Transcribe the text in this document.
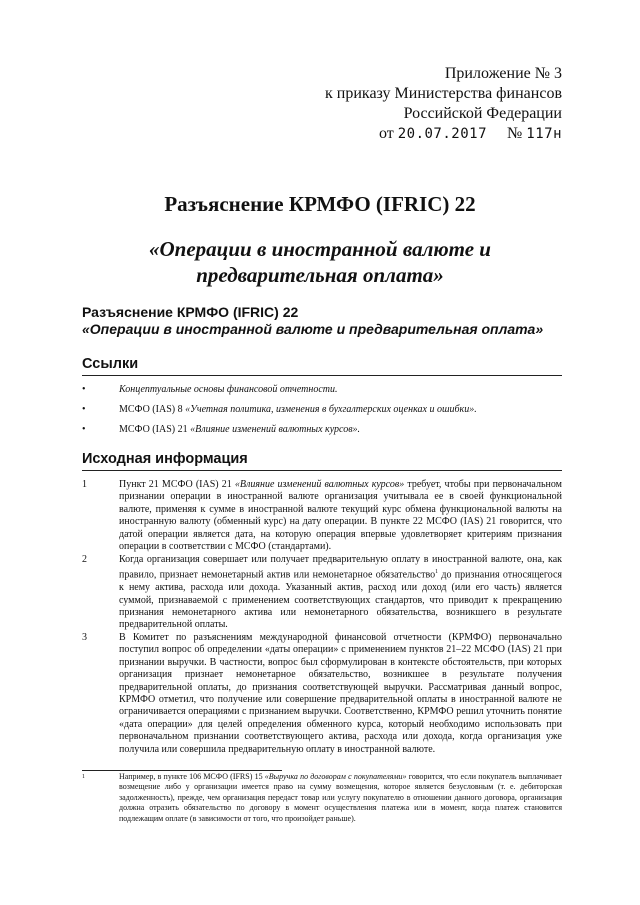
Приложение № 3
к приказу Министерства финансов
Российской Федерации
от 20.07.2017 № 117н
Разъяснение КРМФО (IFRIC) 22
«Операции в иностранной валюте и предварительная оплата»
Разъяснение КРМФО (IFRIC) 22
«Операции в иностранной валюте и предварительная оплата»
Ссылки
•	Концептуальные основы финансовой отчетности.
•	МСФО (IAS) 8 «Учетная политика, изменения в бухгалтерских оценках и ошибки».
•	МСФО (IAS) 21 «Влияние изменений валютных курсов».
Исходная информация
1	Пункт 21 МСФО (IAS) 21 «Влияние изменений валютных курсов» требует, чтобы при первоначальном признании операции в иностранной валюте организация учитывала ее в своей функциональной валюте, применяя к сумме в иностранной валюте текущий курс обмена функциональной валюты на иностранную валюту (обменный курс) на дату операции. В пункте 22 МСФО (IAS) 21 говорится, что датой операции является дата, на которую операция впервые удовлетворяет критериям признания операции в соответствии с МСФО (стандартами).
2	Когда организация совершает или получает предварительную оплату в иностранной валюте, она, как правило, признает немонетарный актив или немонетарное обязательство$^1$ до признания относящегося к нему актива, расхода или дохода. Указанный актив, расход или доход (или его часть) является суммой, признаваемой с применением соответствующих стандартов, что приводит к прекращению признания немонетарного актива или немонетарного обязательства, возникшего в результате предварительной оплаты.
3	В Комитет по разъяснениям международной финансовой отчетности (КРМФО) первоначально поступил вопрос об определении «даты операции» с применением пунктов 21–22 МСФО (IAS) 21 при признании выручки. В частности, вопрос был сформулирован в контексте обстоятельств, при которых организация признает немонетарное обязательство, возникшее в результате получения предварительной оплаты, до признания соответствующей выручки. Рассматривая данный вопрос, КРМФО отметил, что получение или совершение предварительной оплаты в иностранной валюте не ограничивается операциями с признанием выручки. Соответственно, КРМФО решил уточнить понятие «дата операции» для целей определения обменного курса, который необходимо использовать при первоначальном признании соответствующего актива, расхода или дохода, когда организация уже получила или совершила предварительную оплату в иностранной валюте.
1	Например, в пункте 106 МСФО (IFRS) 15 «Выручка по договорам с покупателями» говорится, что если покупатель выплачивает возмещение либо у организации имеется право на сумму возмещения, которое является безусловным (т. е. дебиторская задолженность), прежде, чем организация передаст товар или услугу покупателю в отношении данного договора, организация должна отразить обязательство по договору в момент осуществления платежа или в момент, когда платеж становится подлежащим оплате (в зависимости от того, что произойдет раньше).
